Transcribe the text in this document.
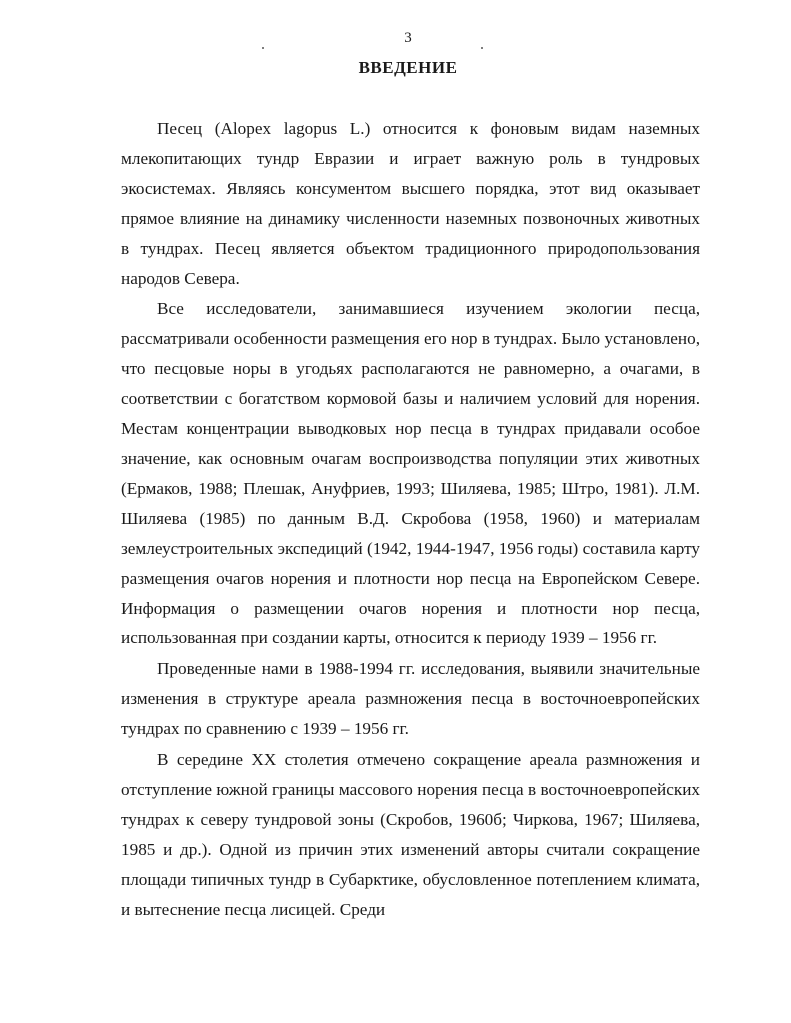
3
ВВЕДЕНИЕ

Песец (Alopex lagopus L.) относится к фоновым видам наземных млекопитающих тундр Евразии и играет важную роль в тундровых экосистемах. Являясь консументом высшего порядка, этот вид оказывает прямое влияние на динамику численности наземных позвоночных животных в тундрах. Песец является объектом традиционного природопользования народов Севера.

Все исследователи, занимавшиеся изучением экологии песца, рассматривали особенности размещения его нор в тундрах. Было установлено, что песцовые норы в угодьях располагаются не равномерно, а очагами, в соответствии с богатством кормовой базы и наличием условий для норения. Местам концентрации выводковых нор песца в тундрах придавали особое значение, как основным очагам воспроизводства популяции этих животных (Ермаков, 1988; Плешак, Ануфриев, 1993; Шиляева, 1985; Штро, 1981). Л.М. Шиляева (1985) по данным В.Д. Скробова (1958, 1960) и материалам землеустроительных экспедиций (1942, 1944-1947, 1956 годы) составила карту размещения очагов норения и плотности нор песца на Европейском Севере. Информация о размещении очагов норения и плотности нор песца, использованная при создании карты, относится к периоду 1939 – 1956 гг.

Проведенные нами в 1988-1994 гг. исследования, выявили значительные изменения в структуре ареала размножения песца в восточноевропейских тундрах по сравнению с 1939 – 1956 гг.

В середине XX столетия отмечено сокращение ареала размножения и отступление южной границы массового норения песца в восточноевропейских тундрах к северу тундровой зоны (Скробов, 1960б; Чиркова, 1967; Шиляева, 1985 и др.). Одной из причин этих изменений авторы считали сокращение площади типичных тундр в Субарктике, обусловленное потеплением климата, и вытеснение песца лисицей. Среди
